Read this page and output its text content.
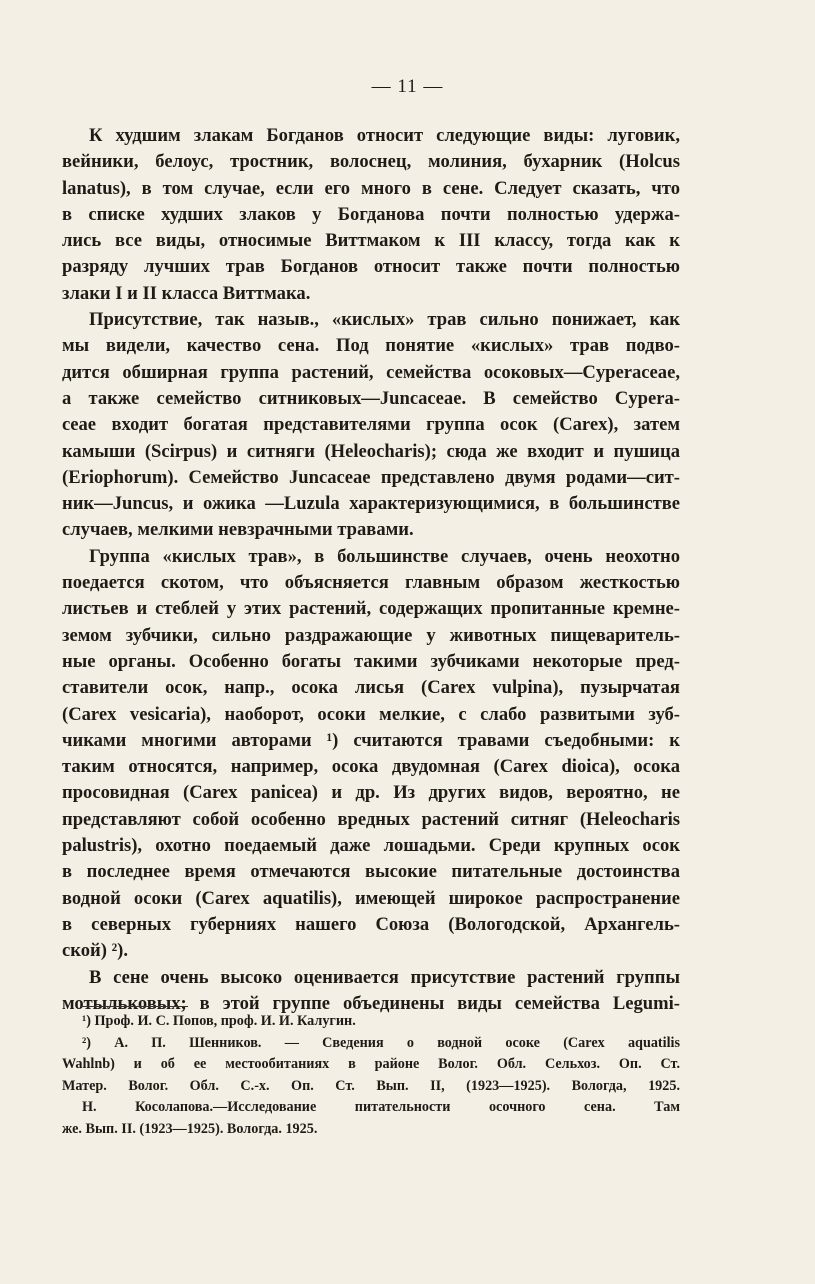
— 11 —
К худшим злакам Богданов относит следующие виды: луговик,
вейники, белоус, тростник, волоснец, молиния, бухарник (Holcus
lanatus), в том случае, если его много в сене. Следует сказать, что
в списке худших злаков у Богданова почти полностью удержа-
лись все виды, относимые Виттмаком к III классу, тогда как к
разряду лучших трав Богданов относит также почти полностью
злаки I и II класса Виттмака.
Присутствие, так назыв., «кислых» трав сильно понижает, как
мы видели, качество сена. Под понятие «кислых» трав подво-
дится обширная группа растений, семейства осоковых—Cyperaceae,
а также семейство ситниковых—Juncaceae. В семейство Cypera-
ceae входит богатая представителями группа осок (Carex), затем
камыши (Scirpus) и ситняги (Heleocharis); сюда же входит и пушица
(Eriophorum). Семейство Juncaceae представлено двумя родами—сит-
ник—Juncus, и ожика —Luzula характеризующимися, в большинстве
случаев, мелкими невзрачными травами.
Группа «кислых трав», в большинстве случаев, очень неохотно
поедается скотом, что объясняется главным образом жесткостью
листьев и стеблей у этих растений, содержащих пропитанные кремне-
земом зубчики, сильно раздражающие у животных пищеваритель-
ные органы. Особенно богаты такими зубчиками некоторые пред-
ставители осок, напр., осока лисья (Carex vulpina), пузырчатая
(Carex vesicaria), наоборот, осоки мелкие, с слабо развитыми зуб-
чиками многими авторами ¹) считаются травами съедобными: к
таким относятся, например, осока двудомная (Carex dioica), осока
просовидная (Carex panicea) и др. Из других видов, вероятно, не
представляют собой особенно вредных растений ситняг (Heleocharis
palustris), охотно поедаемый даже лошадьми. Среди крупных осок
в последнее время отмечаются высокие питательные достоинства
водной осоки (Carex aquatilis), имеющей широкое распространение
в северных губерниях нашего Союза (Вологодской, Архангель-
ской) ²).
В сене очень высоко оценивается присутствие растений группы
мотыльковых; в этой группе объединены виды семейства Legumi-
¹) Проф. И. С. Попов, проф. И. И. Калугин.
²) А. П. Шенников. — Сведения о водной осоке (Carex aquatilis
Wahlnb) и об ее местообитаниях в районе Волог. Обл. Сельхоз. Оп. Ст.
Матер. Волог. Обл. С.-х. Оп. Ст. Вып. II, (1923—1925). Вологда, 1925.
Н. Косолапова.—Исследование питательности осочного сена. Там
же. Вып. II. (1923—1925). Вологда. 1925.
